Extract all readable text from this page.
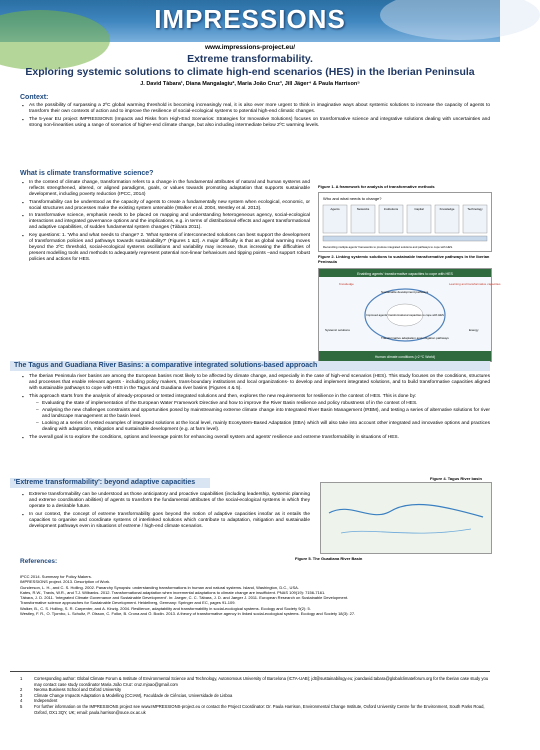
IMPRESSIONS
www.impressions-project.eu/
Extreme transformability.
Exploring systemic solutions to climate high-end scenarios (HES) in the Iberian Peninsula
J. David Tàbara¹, Diana Mangalagiu², Maria João Cruz³, Jill Jäger⁴ & Paula Harrison⁵
Context:
▪ As the possibility of surpassing a 2ºC global warming threshold is becoming increasingly real, it is also ever more urgent to think in imaginative ways about systemic solutions to increase the capacity of agents to transform their own contexts of action and to improve the resilience of social-ecological systems to potential high-end climatic changes.
▪ The 5-year EU project IMPRESSIONS (Impacts and Risks from High-End Scenarios: Strategies for Innovative Solutions) focuses on transformative science and integrative solutions dealing with uncertainties and strong non-linearities using a range of scenarios of higher-end climate change, but also including intermediate below 2ºC warming levels.
What is climate transformative science?
▪ In the context of climate change, transformation refers to a change in the fundamental attributes of natural and human systems and reflects strengthened, altered, or aligned paradigms, goals, or values towards promoting adaptation that supports sustainable development, including poverty reduction (IPCC, 2014)
▪ Transformability can be understood as the capacity of agents to create a fundamentally new system when ecological, economic, or social structures and processes make the existing system untenable (Walker et al. 2004, Westley et al. 2013).
▪ In transformative science, emphasis needs to be placed on mapping and understanding heterogeneous agency, social-ecological interactions and integrated governance options and the implications, e.g. in terms of distributional effects and agent transformational and adaptive capabilities, of sudden fundamental system changes (Tàbara 2011).
▪ Key questions: 1. 'Who and what needs to change? 2. 'What systems of interconnected solutions can best support the development of transformation policies and pathways towards sustainability?' (Figures 1 &2). A major difficulty is that as global warming moves beyond the 2ºC threshold, social-ecological systems oscillations and variability may increase, thus increasing the difficulties of present modelling tools and methods to adequately represent potential non-linear behaviours and tipping points –and support robust policies and actions for HES.
Figure 1. A framework for analysis of transformative methods
Who and what needs to change?
Agents	Networks	Institutions	Capital	Knowledge	Technology
Reconciling multiple agents' frameworks to produce integrated solutions and pathways to cope with HES.
Figure 2. Linking systemic solutions to sustainable transformative pathways in the Iberian Peninsula
Enabling agents' transformative capacities to cope with HES
Improved agents' transformational capacities to cope with HES
Knowledge
Sustainable development pathways
Learning and transformative capacities
Transformative adaptation and mitigation pathways
Systemic solutions	Energy
Human climate conditions (>2 ºC World)
The Tagus and Guadiana River Basins: a comparative integrated solutions-based approach
▪ The Iberian Peninsula river basins are among the European basins most likely to be affected by climate change, and especially in the case of high-end scenarios (HES). This study focuses on the conditions, structures and processes that enable relevant agents - including policy makers, trans-boundary institutions and local organizations- to develop and implement integrated solutions, and to build transformative capacities aligned with sustainable pathways to cope with HES in the Tagus and Guadiana river basins (Figures 4 & 5).
▪ This approach starts from the analysis of already-proposed or tested integrated solutions and then, explores the new requirements for resilience in the context of HES. This is done by:
– Evaluating the state of implementation of the European Water Framework Directive and how to improve the River Basin resilience and policy robustness of in the context of HES.
– Analysing the new challenges constraints and opportunities posed by mainstreaming extreme climate change into Integrated River Basin Management (IRBM), and testing a series of alternative solutions for river and landscape management at the basin level.
– Looking at a series of nested examples of integrated solutions at the local level, mainly Ecosystem-Based Adaptation (EBA) which will also take into account other integrated and innovative options and practices dealing with adaptation, mitigation and sustainable development (e.g. at farm level).
▪ The overall goal is to explore the conditions, options and leverage points for enhancing overall system and agents' resilience and extreme transformability in situations of HES.
'Extreme transformability': beyond adaptive capacities
▪ Extreme transformability can be understood as those anticipatory and proactive capabilities (including leadership, systemic planning and extreme coordination abilities) of agents to transform the fundamental attributes of the social-ecological systems in which they operate to a desirable future.
▪ In our context, the concept of extreme transformability goes beyond the notion of adaptive capacities insofar as it entails the capacities to organise and coordinate systems of interlinked solutions which contribute to adaptation, mitigation and sustainable development pathways even in situations of extreme / high-end climate scenarios.
Figure 4. Tagus River basin
Figure 5. The Guadiana River Basin
References:
IPCC 2014. Summary for Policy Makers.
IMPRESSIONS project. 2013. Description of Work.
Gunderson, L. H., and C. S. Holling. 2002. Panarchy Synopsis: understanding transformations in human and natural systems. Island, Washington, D.C., USA.
Kates, R.W., Travis, W.R., and T.J. Wilbanks. 2012. Transformational adaptation when incremental adaptations to climate change are insufficient. PNAS 109(19): 7156-7161.
Tàbara, J. D. 2011. 'Integrated Climate Governance and Sustainable Development'. In: Jaeger, C. C. Tàbara, J. D. and Jaeger J. 2011. European Research on Sustainable Development.
Transformative science approaches for Sustainable Development. Heidelberg, Germany: Springer and EC, pages 91-109.
Walker, B., C. S. Holling, S. R. Carpenter, and A. Kinzig. 2004. Resilience, adaptability and transformability in social-ecological systems. Ecology and Society 9(2): 5.
Westley, F. R., O. Tjornbo, L. Schultz, P. Olsson, C. Folke, B. Crona and Ö. Bodin. 2013. A theory of transformative agency in linked social-ecological systems. Ecology and Society 18(3): 27.
1	Corresponding author: Global Climate Forum & Institute of Environmental Science and Technology, Autonomous University of Barcelona (ICTA-UAB); jdt@sustainabilogy.eu; joandavid.tabara@globalclimateforum.org for the Iberian case study you may contact case study coordinator Maria João Cruz: cruz.mjoao@gmail.com
2	Neoma Business School and Oxford University
3	Climate Change Impacts Adaptation & Modelling (CCIAM), Faculdade de Ciências, Universidade de Lisboa
4	Independent
5	For further information on the IMPRESSIONS project see www.IMPRESSIONS-project.eu or contact the Project Coordinator: Dr. Paula Harrison, Environmental Change Institute, Oxford University Centre for the Environment, South Parks Road, Oxford, OX1 3QY, UK; email: paula.harrison@ouce.ox.ac.uk
